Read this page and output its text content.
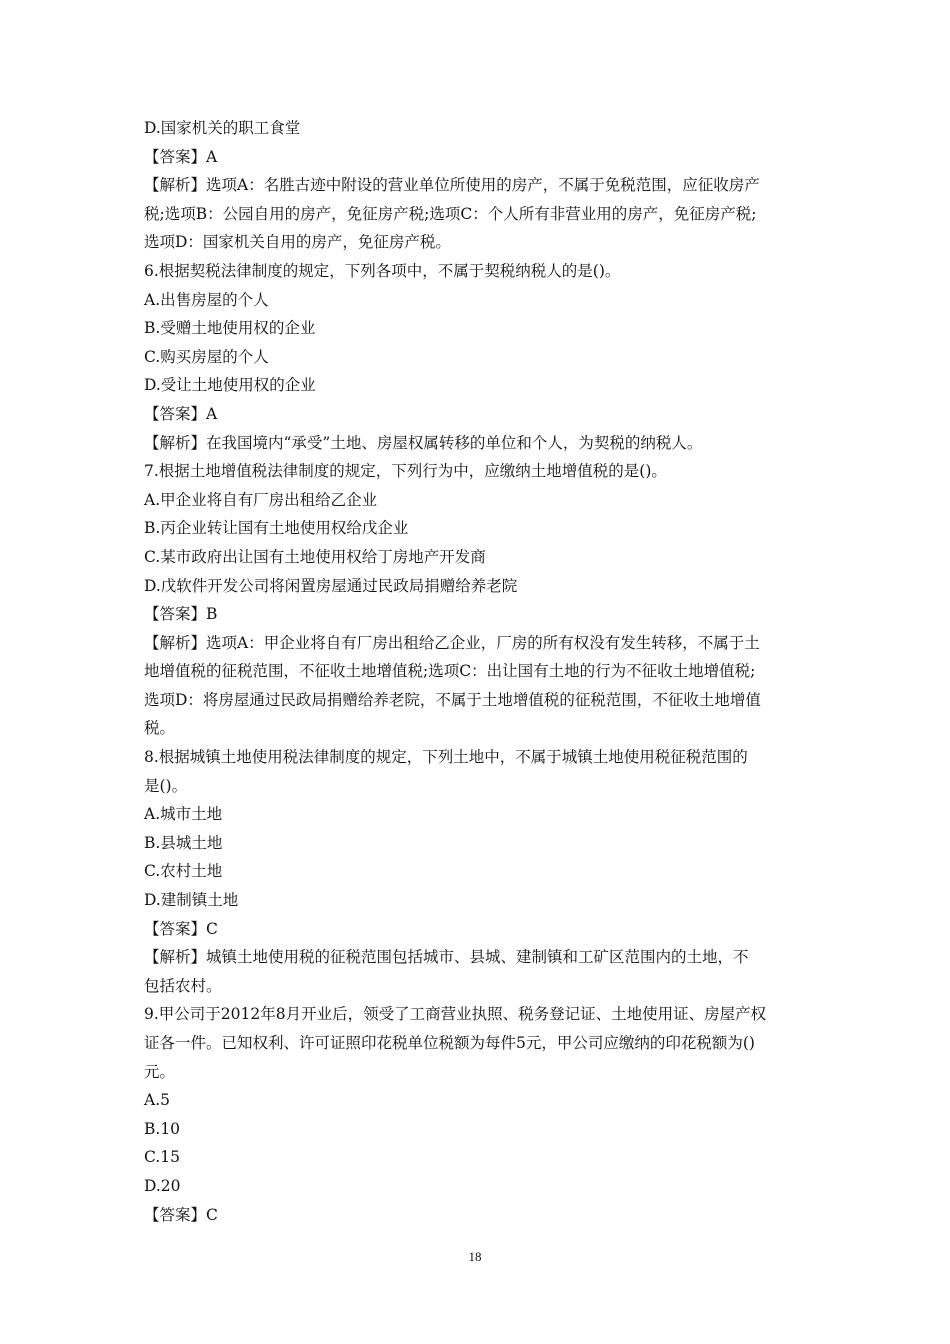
D.国家机关的职工食堂
【答案】A
【解析】选项A：名胜古迹中附设的营业单位所使用的房产，不属于免税范围，应征收房产
税;选项B：公园自用的房产，免征房产税;选项C：个人所有非营业用的房产，免征房产税;
选项D：国家机关自用的房产，免征房产税。
6.根据契税法律制度的规定，下列各项中，不属于契税纳税人的是()。
A.出售房屋的个人
B.受赠土地使用权的企业
C.购买房屋的个人
D.受让土地使用权的企业
【答案】A
【解析】在我国境内“承受”土地、房屋权属转移的单位和个人，为契税的纳税人。
7.根据土地增值税法律制度的规定，下列行为中，应缴纳土地增值税的是()。
A.甲企业将自有厂房出租给乙企业
B.丙企业转让国有土地使用权给戊企业
C.某市政府出让国有土地使用权给丁房地产开发商
D.戊软件开发公司将闲置房屋通过民政局捐赠给养老院
【答案】B
【解析】选项A：甲企业将自有厂房出租给乙企业，厂房的所有权没有发生转移，不属于土
地增值税的征税范围，不征收土地增值税;选项C：出让国有土地的行为不征收土地增值税;
选项D：将房屋通过民政局捐赠给养老院，不属于土地增值税的征税范围，不征收土地增值
税。
8.根据城镇土地使用税法律制度的规定，下列土地中，不属于城镇土地使用税征税范围的
是()。
A.城市土地
B.县城土地
C.农村土地
D.建制镇土地
【答案】C
【解析】城镇土地使用税的征税范围包括城市、县城、建制镇和工矿区范围内的土地，不
包括农村。
9.甲公司于2012年8月开业后，领受了工商营业执照、税务登记证、土地使用证、房屋产权
证各一件。已知权利、许可证照印花税单位税额为每件5元，甲公司应缴纳的印花税额为()
元。
A.5
B.10
C.15
D.20
【答案】C
18
